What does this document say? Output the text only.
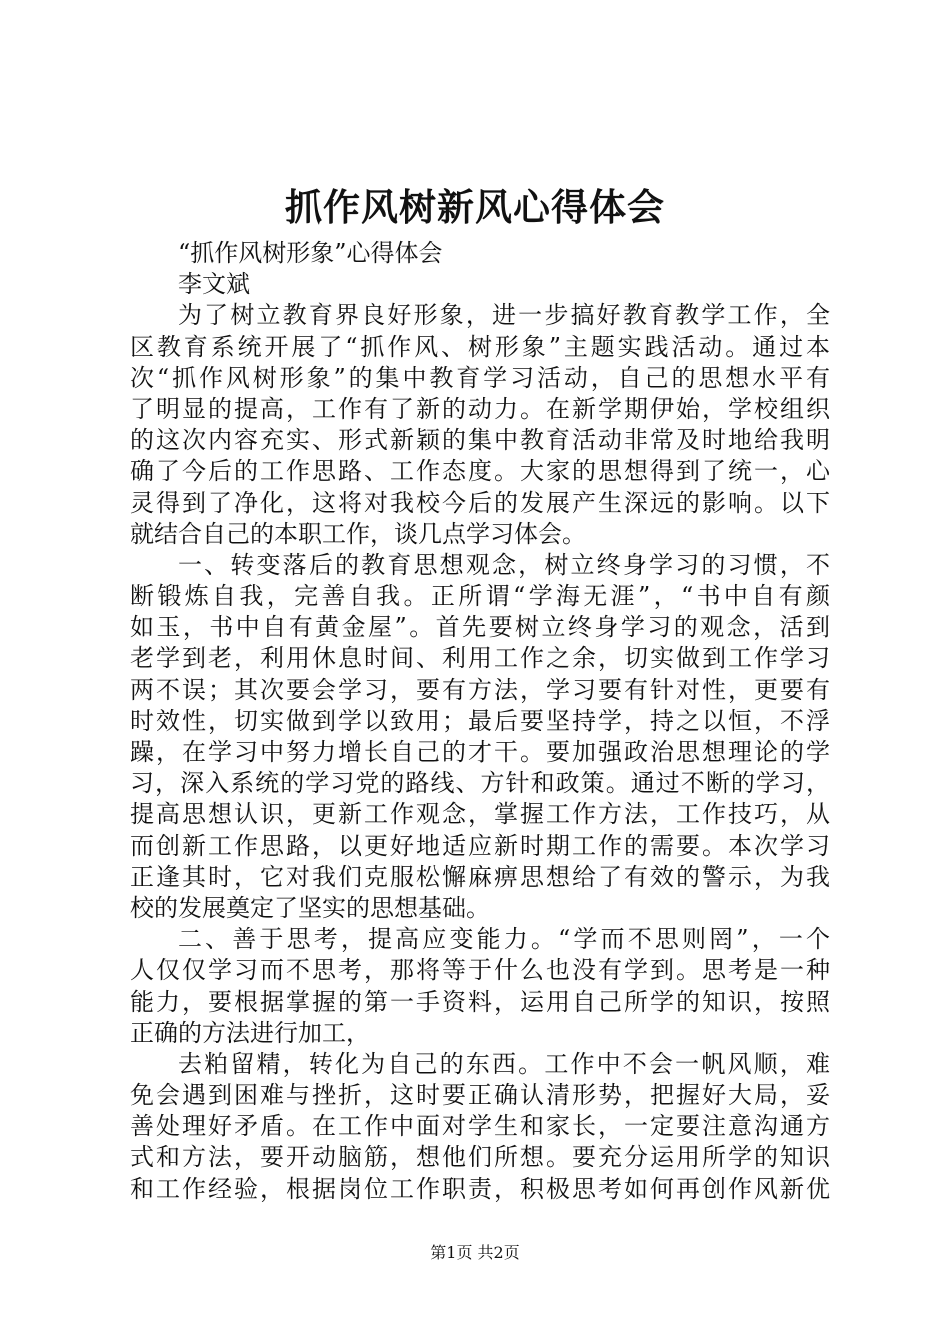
抓作风树新风心得体会
“抓作风树形象”心得体会
李文斌
为了树立教育界良好形象，进一步搞好教育教学工作，全
区教育系统开展了“抓作风、树形象”主题实践活动。通过本
次“抓作风树形象”的集中教育学习活动，自己的思想水平有
了明显的提高，工作有了新的动力。在新学期伊始，学校组织
的这次内容充实、形式新颖的集中教育活动非常及时地给我明
确了今后的工作思路、工作态度。大家的思想得到了统一，心
灵得到了净化，这将对我校今后的发展产生深远的影响。以下
就结合自己的本职工作，谈几点学习体会。
一、转变落后的教育思想观念，树立终身学习的习惯，不
断锻炼自我，完善自我。正所谓“学海无涯”，“书中自有颜
如玉，书中自有黄金屋”。首先要树立终身学习的观念，活到
老学到老，利用休息时间、利用工作之余，切实做到工作学习
两不误；其次要会学习，要有方法，学习要有针对性，更要有
时效性，切实做到学以致用；最后要坚持学，持之以恒，不浮
躁，在学习中努力增长自己的才干。要加强政治思想理论的学
习，深入系统的学习党的路线、方针和政策。通过不断的学习，
提高思想认识，更新工作观念，掌握工作方法，工作技巧，从
而创新工作思路，以更好地适应新时期工作的需要。本次学习
正逢其时，它对我们克服松懈麻痹思想给了有效的警示，为我
校的发展奠定了坚实的思想基础。
二、善于思考，提高应变能力。“学而不思则罔”，一个
人仅仅学习而不思考，那将等于什么也没有学到。思考是一种
能力，要根据掌握的第一手资料，运用自己所学的知识，按照
正确的方法进行加工，
去粕留精，转化为自己的东西。工作中不会一帆风顺，难
免会遇到困难与挫折，这时要正确认清形势，把握好大局，妥
善处理好矛盾。在工作中面对学生和家长，一定要注意沟通方
式和方法，要开动脑筋，想他们所想。要充分运用所学的知识
和工作经验，根据岗位工作职责，积极思考如何再创作风新优
第1页 共2页
